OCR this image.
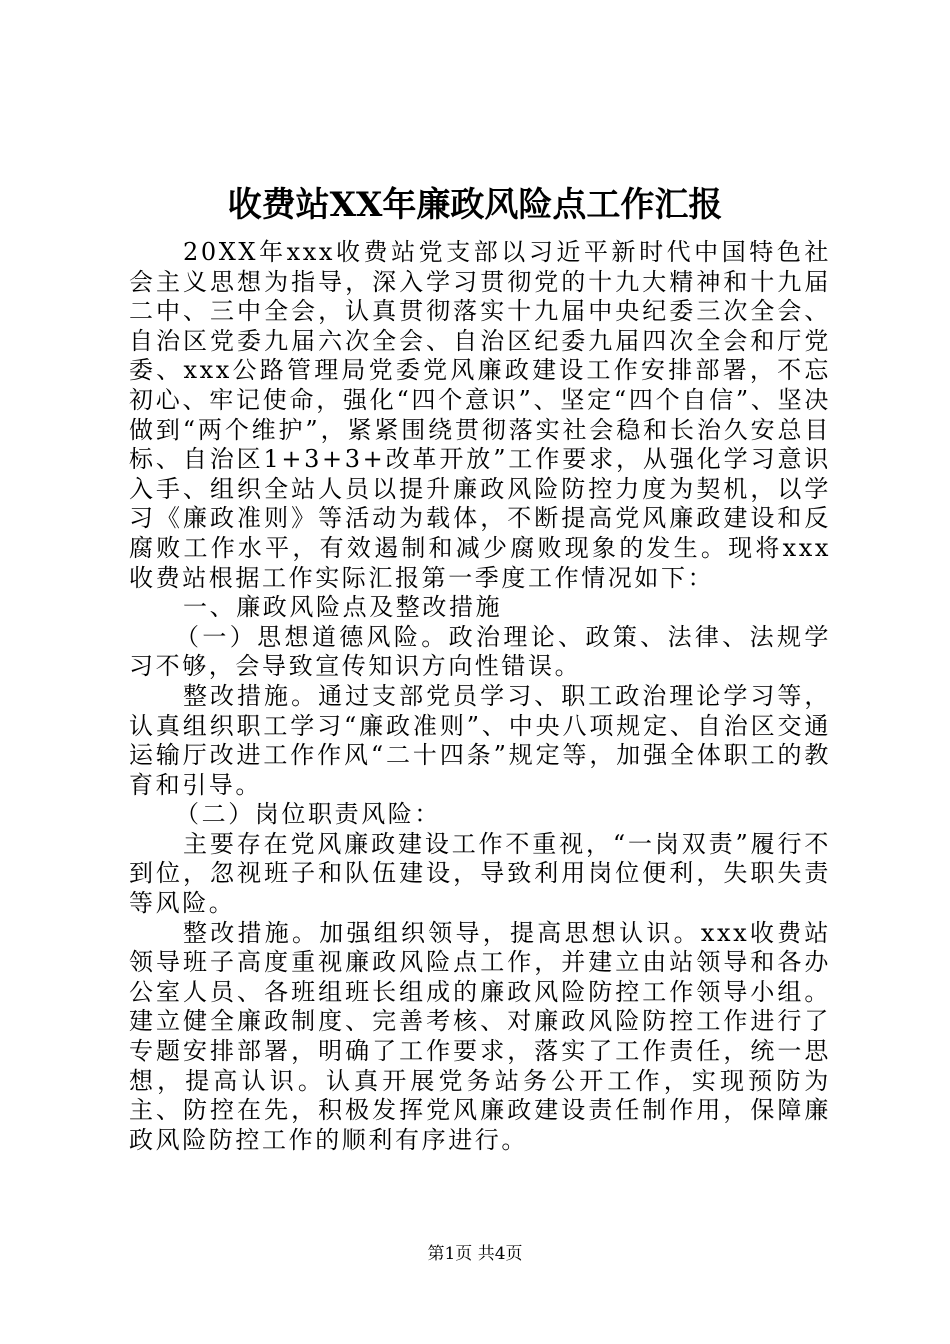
收费站XX年廉政风险点工作汇报

20XX年xxx收费站党支部以习近平新时代中国特色社会主义思想为指导，深入学习贯彻党的十九大精神和十九届二中、三中全会，认真贯彻落实十九届中央纪委三次全会、自治区党委九届六次全会、自治区纪委九届四次全会和厅党委、xxx公路管理局党委党风廉政建设工作安排部署，不忘初心、牢记使命，强化“四个意识”、坚定“四个自信”、坚决做到“两个维护”，紧紧围绕贯彻落实社会稳和长治久安总目标、自治区1+3+3+改革开放”工作要求，从强化学习意识入手、组织全站人员以提升廉政风险防控力度为契机，以学习《廉政准则》等活动为载体，不断提高党风廉政建设和反腐败工作水平，有效遏制和减少腐败现象的发生。现将xxx收费站根据工作实际汇报第一季度工作情况如下：

一、廉政风险点及整改措施

（一）思想道德风险。政治理论、政策、法律、法规学习不够，会导致宣传知识方向性错误。

整改措施。通过支部党员学习、职工政治理论学习等，认真组织职工学习“廉政准则”、中央八项规定、自治区交通运输厅改进工作作风“二十四条”规定等，加强全体职工的教育和引导。

（二）岗位职责风险：

主要存在党风廉政建设工作不重视，“一岗双责”履行不到位，忽视班子和队伍建设，导致利用岗位便利，失职失责等风险。

整改措施。加强组织领导，提高思想认识。xxx收费站领导班子高度重视廉政风险点工作，并建立由站领导和各办公室人员、各班组班长组成的廉政风险防控工作领导小组。建立健全廉政制度、完善考核、对廉政风险防控工作进行了专题安排部署，明确了工作要求，落实了工作责任，统一思想，提高认识。认真开展党务站务公开工作，实现预防为主、防控在先，积极发挥党风廉政建设责任制作用，保障廉政风险防控工作的顺利有序进行。

第1页 共4页
